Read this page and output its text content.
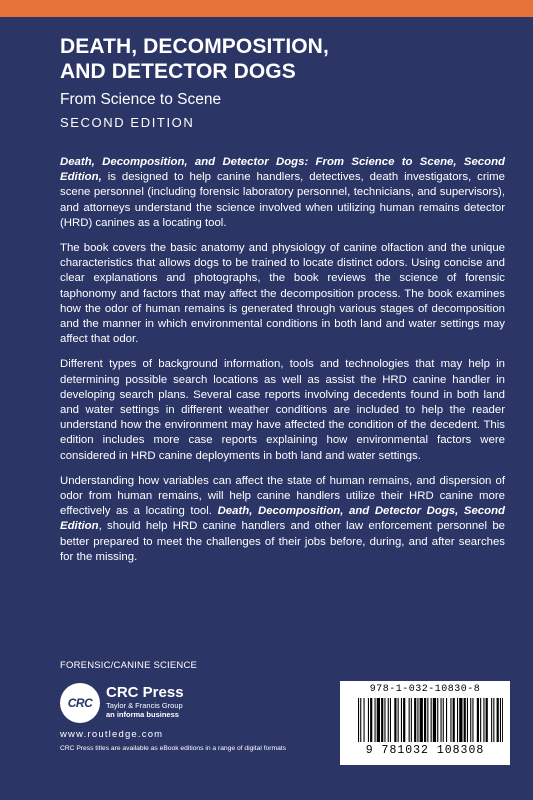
DEATH, DECOMPOSITION,
AND DETECTOR DOGS
From Science to Scene
SECOND EDITION

Death, Decomposition, and Detector Dogs: From Science to Scene, Second Edition, is designed to help canine handlers, detectives, death investigators, crime scene personnel (including forensic laboratory personnel, technicians, and supervisors), and attorneys understand the science involved when utilizing human remains detector (HRD) canines as a locating tool.

The book covers the basic anatomy and physiology of canine olfaction and the unique characteristics that allows dogs to be trained to locate distinct odors. Using concise and clear explanations and photographs, the book reviews the science of forensic taphonomy and factors that may affect the decomposition process. The book examines how the odor of human remains is generated through various stages of decomposition and the manner in which environmental conditions in both land and water settings may affect that odor.

Different types of background information, tools and technologies that may help in determining possible search locations as well as assist the HRD canine handler in developing search plans. Several case reports involving decedents found in both land and water settings in different weather conditions are included to help the reader understand how the environment may have affected the condition of the decedent. This edition includes more case reports explaining how environmental factors were considered in HRD canine deployments in both land and water settings.

Understanding how variables can affect the state of human remains, and dispersion of odor from human remains, will help canine handlers utilize their HRD canine more effectively as a locating tool. Death, Decomposition, and Detector Dogs, Second Edition, should help HRD canine handlers and other law enforcement personnel be better prepared to meet the challenges of their jobs before, during, and after searches for the missing.

FORENSIC/CANINE SCIENCE
CRC
CRC Press
Taylor & Francis Group
an informa business
www.routledge.com
CRC Press titles are available as eBook editions in a range of digital formats
978-1-032-10830-8
9 781032 108308
